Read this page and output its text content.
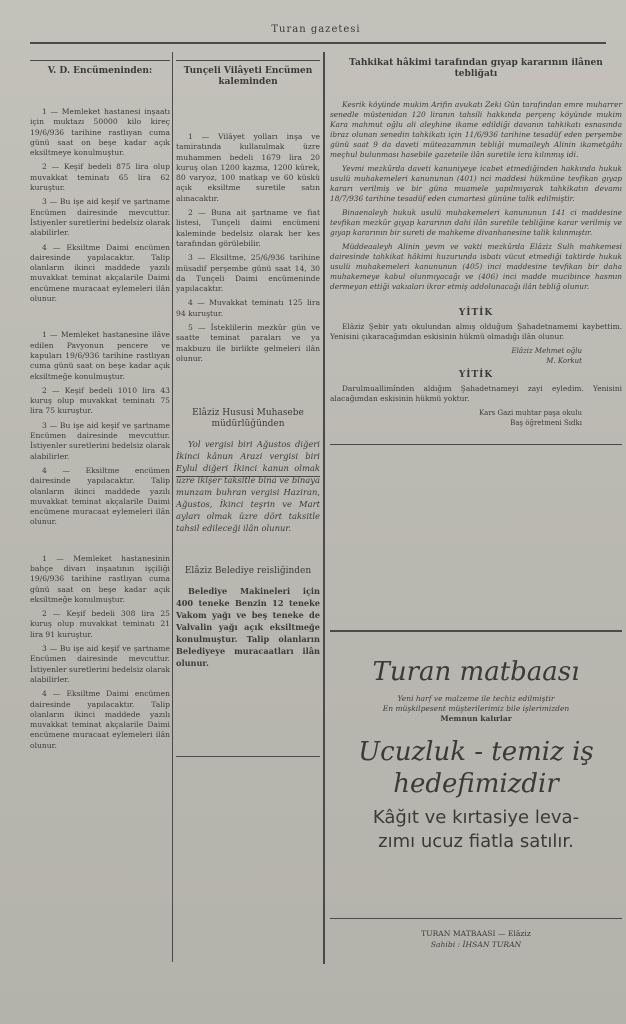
Turan gazetesi
V. D. Encümeninden:

1 — Memleket hastanesi inşaatı için muktazı 50000 kilo kireç 19/6/936 tarihine rastlıyan cuma günü saat on beşe kadar açık eksiltmeye konulmuştur.

2 — Keşif bedeli 875 lira olup muvakkat teminatı 65 lira 62 kuruştur.

3 — Bu işe aid keşif ve şartname Encümen dairesinde mevcuttur. İstiyenler suretlerini bedelsiz olarak alabilirler.

4 — Eksiltme Daimi encümen dairesinde yapılacaktır. Talip olanların ikinci maddede yazılı muvakkat teminat akçalarile Daimi encümene muracaat eylemeleri ilân olunur.

1 — Memleket hastanesine ilâve edilen Pavyonun pencere ve kapuları 19/6/936 tarihine rastlıyan cuma günü saat on beşe kadar açık eksiltmeğe konulmuştur.

2 — Keşif bedeli 1010 lira 43 kuruş olup muvakkat teminatı 75 lira 75 kuruştur.

3 — Bu işe aid keşif ve şartname Encümen dairesinde mevcuttur. İstiyenler suretlerini bedelsiz olarak alabilirler.

4 — Eksiltme encümen dairesinde yapılacaktır. Talip olanların ikinci maddede yazılı muvakkat teminat akçalarile Daimi encümene muracaat eylemeleri ilân olunur.

1 — Memleket hastanesinin bahçe divarı inşaatının işçiliği 19/6/936 tarihine rastlıyan cuma günü saat on beşe kadar açık eksiltmeğe konulmuştur.

2 — Keşif bedeli 308 lira 25 kuruş olup muvakkat teminatı 21 lira 91 kuruştur.

3 — Bu işe aid keşif ve şartname Encümen dairesinde mevcuttur. İstiyenler suretlerini bedelsiz olarak alabilirler.

4 — Eksiltme Daimi encümen dairesinde yapılacaktır. Talip olanların ikinci maddede yazılı muvakkat teminat akçalarile Daimi encümene muracaat eylemeleri ilân olunur.

Tunçeli Vilâyeti Encümen kaleminden

1 — Vilâyet yolları inşa ve tamiratında kullanılmak üzre muhammen bedeli 1679 lira 20 kuruş olan 1200 kazma, 1200 kürek, 80 varyoz, 100 matkap ve 60 küskü açık eksiltme suretile satın alınacaktır.

2 — Buna ait şartname ve fiat listesi, Tunçeli daimi encümeni kaleminde bedelsiz olarak her kes tarafından görülebilir.

3 — Eksiltme, 25/6/936 tarihine müsadif perşembe günü saat 14, 30 da Tunçeli Daimi encümeninde yapılacaktır.

4 — Muvakkat teminatı 125 lira 94 kuruştur.

5 — İsteklilerin mezkûr gün ve saatte teminat paraları ve ya makbuzu ile birlikte gelmeleri ilân olunur.

Elâziz Hususi Muhasebe müdürlüğünden

Yol vergisi biri Ağustos diğeri İkinci kânun Arazi vergisi biri Eylul diğeri İkinci kanun olmak üzre ikişer taksitle bina ve binaya munzam buhran vergisi Haziran, Ağustos, İkinci teşrin ve Mart ayları olmak üzre dört taksitle tahsil edileceği ilân olunur.

Elâziz Belediye reisliğinden

Belediye Makineleri için 400 teneke Benzin 12 teneke Vakom yağı ve beş teneke de Valvalin yağı açık eksiltmeğe konulmuştur. Talip olanların Belediyeye muracaatları ilân olunur.

Tahkikat hâkimi tarafından gıyap kararının ilânen tebliğatı

Kesrik köyünde mukim Arifin avukatı Zeki Gün tarafından emre muharrer senedle müstenidan 120 liranın tahsili hakkında perçenç köyünde mukim Kara mahmut oğlu ali aleyhine ikame edildiği davanın tahkikatı esnasında ibraz olunan senedin tahkikatı için 11/6/936 tarihine tesadüf eden perşembe günü saat 9 da daveti müteazammın tebliği mumaileyh Alinin ikametgâhı meçhul bulunması hasebile gazeteile ilân suretile icra kılınmış idi.

Yevmi mezkûrda daveti kanuniyeye icabet etmediğinden hakkında hukuk usulü muhakemeleri kanununun (401) nci maddesi hükmüne tevfikan gıyap kararı verilmiş ve bir güna muamele yapılmıyarak tahkikatın devamı 18/7/936 tarihine tesadüf eden cumartesi gününe talik edilmiştir.

Binaenaleyh hukuk usulü muhakemeleri kanununun 141 ci maddesine tevfikan mezkûr gıyap kararının dahi ilân suretile tebliğine karar verilmiş ve gıyap kararının bir sureti de mahkeme divanhanesine talik kılınmıştır.

Müddeaaleyh Alinin yevm ve vakti mezkûrda Elâziz Sulh mahkemesi dairesinde tahkikat hâkimi huzurunda isbatı vücut etmediği taktirde hukuk usulü muhakemeleri kanununun (405) inci maddesine tevfikan bir daha muhakemeye kabul olunmıyacağı ve (406) inci madde mucibince hasmın dermeyan ettiği vakıaları ikrar etmiş addolunacağı ilân tebliğ olunur.

YİTİK

Elâziz Şebir yatı okulundan almış olduğum Şahadetnamemi kaybettim. Yenisini çıkaracağımdan eskisinin hükmü olmadığı ilân olunur.

Elâziz Mehmet oğlu
M. Korkut
YİTİK

Darulmuallimînden aldığım Şahadetnameyi zayi eyledim. Yenisini alacağımdan eskisinin hükmü yoktur.

Kars Gazi muhtar paşa okulu
Baş öğretmeni Sıdkı
Turan matbaası
Yeni harf ve malzeme ile techiz edilmiştir
En müşkilpesent müşterilerimiz bile işlerimizden
Memnun kalırlar
Ucuzluk - temiz iş
hedefimizdir
Kâğıt ve kırtasiye leva-
zımı ucuz fiatla satılır.
TURAN MATBAASI — Elâziz
Sahibi : İHSAN TURAN
